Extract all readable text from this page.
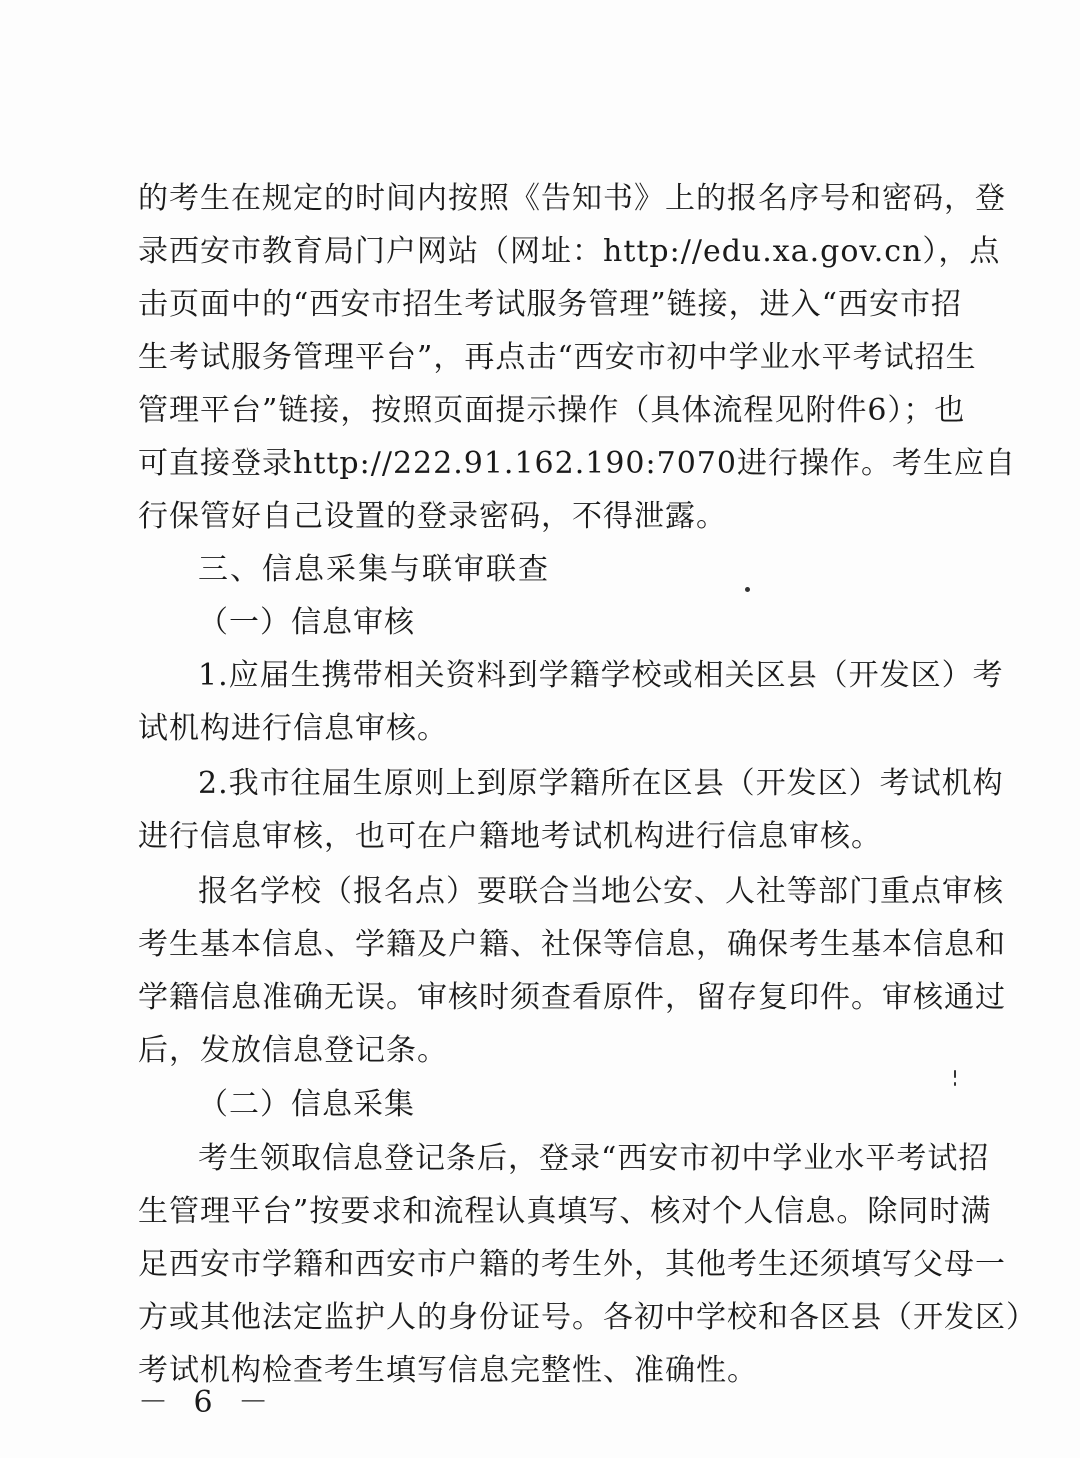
的考生在规定的时间内按照《告知书》上的报名序号和密码，登
录西安市教育局门户网站（网址：http://edu.xa.gov.cn），点
击页面中的“西安市招生考试服务管理”链接，进入“西安市招
生考试服务管理平台”，再点击“西安市初中学业水平考试招生
管理平台”链接，按照页面提示操作（具体流程见附件6）；也
可直接登录http://222.91.162.190:7070进行操作。考生应自
行保管好自己设置的登录密码，不得泄露。
三、信息采集与联审联查
（一）信息审核
1.应届生携带相关资料到学籍学校或相关区县（开发区）考
试机构进行信息审核。
2.我市往届生原则上到原学籍所在区县（开发区）考试机构
进行信息审核，也可在户籍地考试机构进行信息审核。
报名学校（报名点）要联合当地公安、人社等部门重点审核
考生基本信息、学籍及户籍、社保等信息，确保考生基本信息和
学籍信息准确无误。审核时须查看原件，留存复印件。审核通过
后，发放信息登记条。
（二）信息采集
考生领取信息登记条后，登录“西安市初中学业水平考试招
生管理平台”按要求和流程认真填写、核对个人信息。除同时满
足西安市学籍和西安市户籍的考生外，其他考生还须填写父母一
方或其他法定监护人的身份证号。各初中学校和各区县（开发区）
考试机构检查考生填写信息完整性、准确性。
－ 6 －
